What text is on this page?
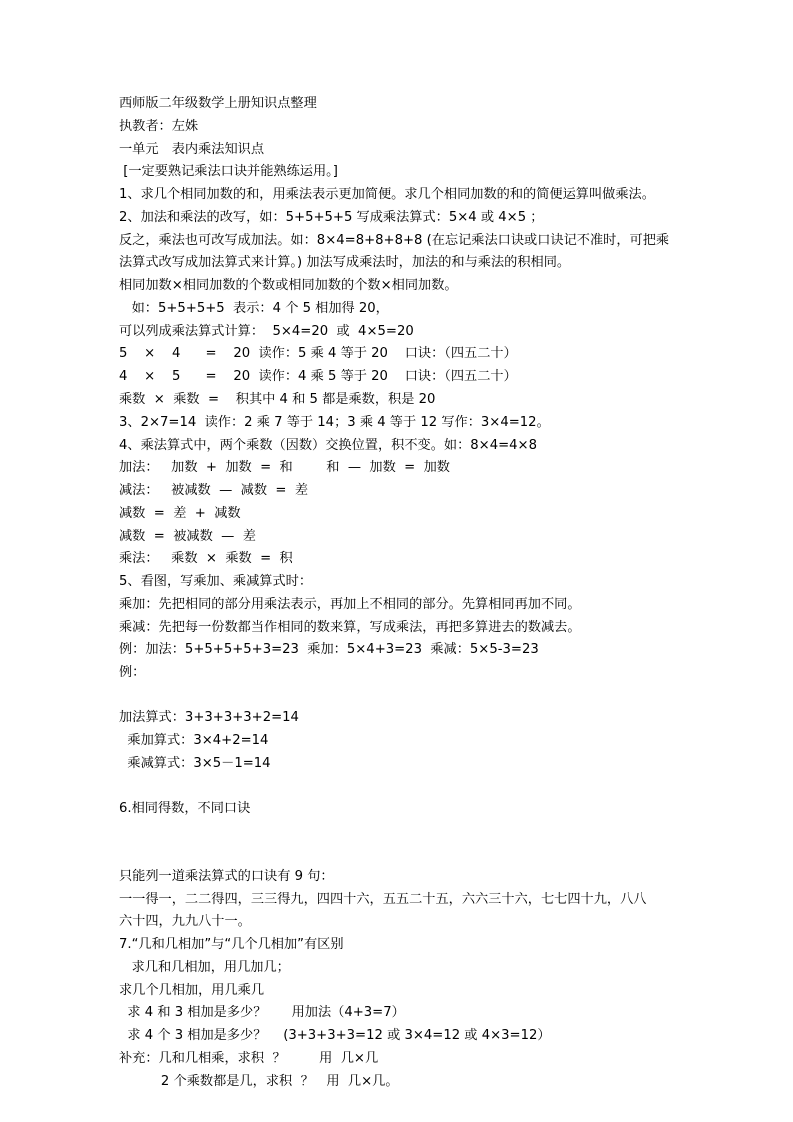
西师版二年级数学上册知识点整理
执教者：左姝
一单元　表内乘法知识点
[一定要熟记乘法口诀并能熟练运用。]
1、求几个相同加数的和，用乘法表示更加简便。求几个相同加数的和的简便运算叫做乘法。
2、加法和乘法的改写，如：5+5+5+5 写成乘法算式：5×4 或 4×5 ；
反之，乘法也可改写成加法。如：8×4=8+8+8+8 (在忘记乘法口诀或口诀记不准时，可把乘
法算式改写成加法算式来计算。) 加法写成乘法时，加法的和与乘法的积相同。
相同加数×相同加数的个数或相同加数的个数×相同加数。
如：5+5+5+5  表示：4 个 5 相加得 20，
可以列成乘法算式计算：  5×4=20  或  4×5=20
5    ×    4      =    20  读作：5 乘 4 等于 20    口诀：（四五二十）
4    ×    5      =    20  读作：4 乘 5 等于 20    口诀：（四五二十）
乘数  ×  乘数  =    积其中 4 和 5 都是乘数，积是 20
3、2×7=14  读作：2 乘 7 等于 14；3 乘 4 等于 12 写作：3×4=12。
4、乘法算式中，两个乘数（因数）交换位置，积不变。如：8×4=4×8
加法：   加数  +  加数  =  和        和  —  加数  =  加数
减法：   被减数  —  减数  =  差
减数  =  差  +  减数
减数  =  被减数  —  差
乘法：   乘数  ×  乘数  =  积
5、看图，写乘加、乘减算式时：
乘加：先把相同的部分用乘法表示，再加上不相同的部分。先算相同再加不同。
乘减：先把每一份数都当作相同的数来算，写成乘法，再把多算进去的数减去。
例：加法：5+5+5+5+3=23  乘加：5×4+3=23  乘减：5×5-3=23
例：
加法算式：3+3+3+3+2=14
乘加算式：3×4+2=14
乘减算式：3×5－1=14
6.相同得数，不同口诀
只能列一道乘法算式的口诀有 9 句：
一一得一，二二得四，三三得九，四四十六，五五二十五，六六三十六，七七四十九，八八
六十四，九九八十一。
7.“几和几相加”与“几个几相加”有区别
求几和几相加，用几加几；
求几个几相加，用几乘几
求 4 和 3 相加是多少？      用加法（4+3=7）
求 4 个 3 相加是多少？    (3+3+3+3=12 或 3×4=12 或 4×3=12）
补充：几和几相乘，求积  ？        用  几×几
2 个乘数都是几，求积  ？   用  几×几。
